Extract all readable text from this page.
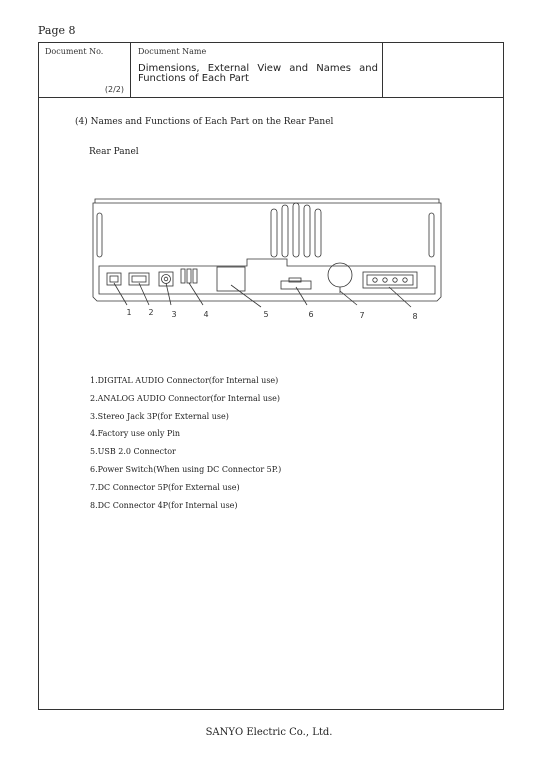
Page 8
Document No.
(2/2)
Document Name
Dimensions, External View and Names and
Functions of Each Part
(4) Names and Functions of Each Part on the Rear Panel
Rear Panel
1 2 3	4	5	6	7	8
1.DIGITAL AUDIO Connector(for Internal use)
2.ANALOG AUDIO Connector(for Internal use)
3.Stereo Jack 3P(for External use)
4.Factory use only Pin
5.USB 2.0 Connector
6.Power Switch(When using DC Connector 5P.)
7.DC Connector 5P(for External use)
8.DC Connector 4P(for Internal use)
SANYO Electric Co., Ltd.
